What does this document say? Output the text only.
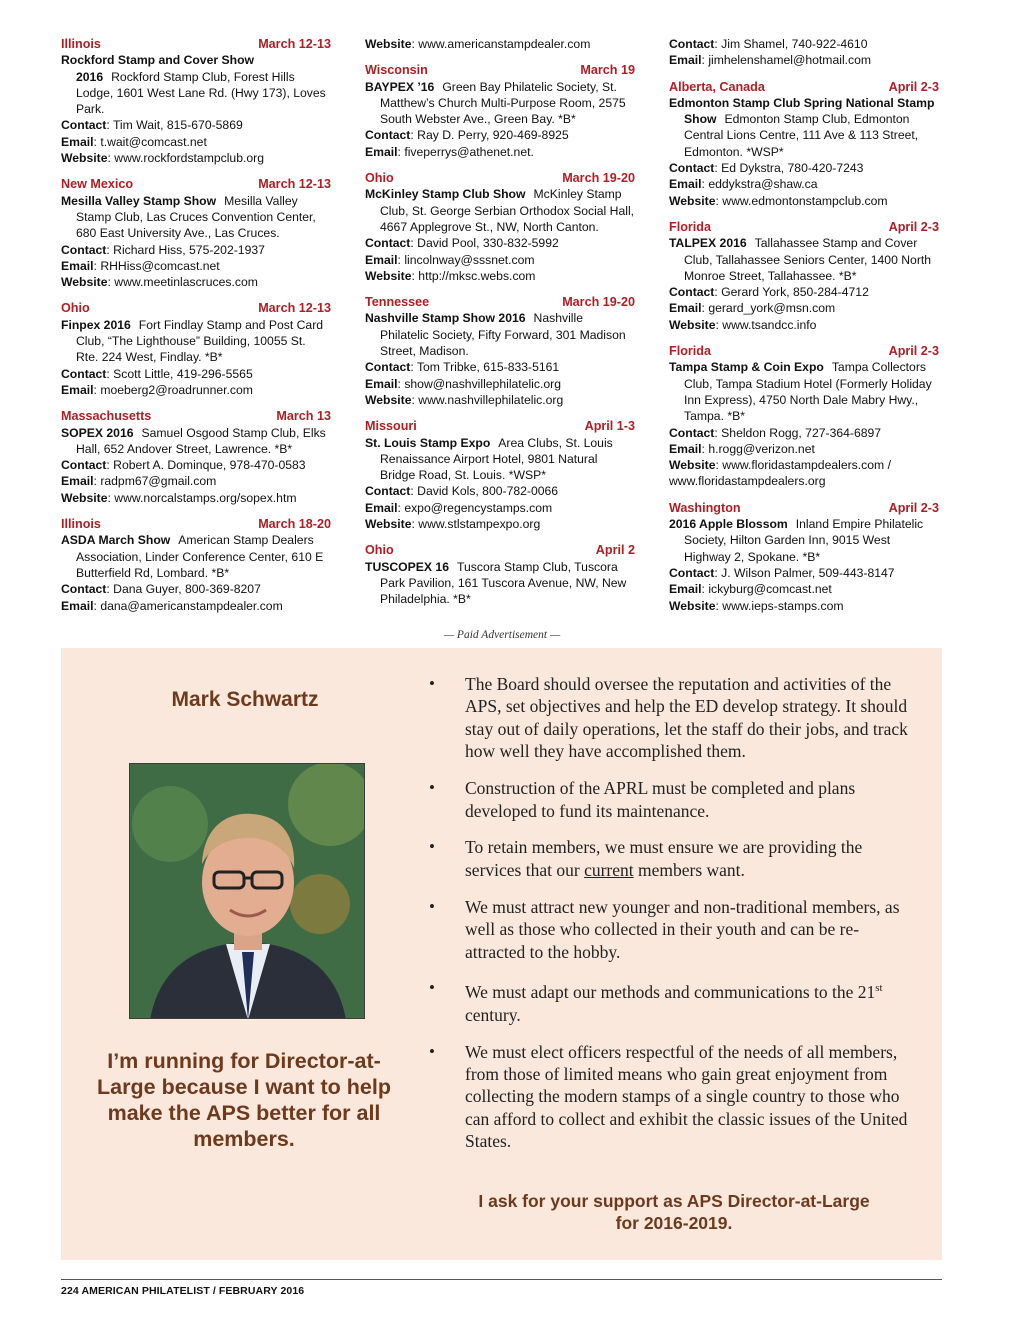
Illinois	March 12-13
Rockford Stamp and Cover Show 2016 Rockford Stamp Club, Forest Hills Lodge, 1601 West Lane Rd. (Hwy 173), Loves Park.
Contact: Tim Wait, 815-670-5869
Email: t.wait@comcast.net
Website: www.rockfordstampclub.org
New Mexico	March 12-13
Mesilla Valley Stamp Show Mesilla Valley Stamp Club, Las Cruces Convention Center, 680 East University Ave., Las Cruces.
Contact: Richard Hiss, 575-202-1937
Email: RHHiss@comcast.net
Website: www.meetinlascruces.com
Ohio	March 12-13
Finpex 2016 Fort Findlay Stamp and Post Card Club, “The Lighthouse” Building, 10055 St. Rte. 224 West, Findlay. *B*
Contact: Scott Little, 419-296-5565
Email: moeberg2@roadrunner.com
Massachusetts	March 13
SOPEX 2016 Samuel Osgood Stamp Club, Elks Hall, 652 Andover Street, Lawrence. *B*
Contact: Robert A. Dominque, 978-470-0583
Email: radpm67@gmail.com
Website: www.norcalstamps.org/sopex.htm
Illinois	March 18-20
ASDA March Show American Stamp Dealers Association, Linder Conference Center, 610 E Butterfield Rd, Lombard. *B*
Contact: Dana Guyer, 800-369-8207
Email: dana@americanstampdealer.com
Website: www.americanstampdealer.com
Wisconsin	March 19
BAYPEX ’16 Green Bay Philatelic Society, St. Matthew’s Church Multi-Purpose Room, 2575 South Webster Ave., Green Bay. *B*
Contact: Ray D. Perry, 920-469-8925
Email: fiveperrys@athenet.net.
Ohio	March 19-20
McKinley Stamp Club Show McKinley Stamp Club, St. George Serbian Orthodox Social Hall, 4667 Applegrove St., NW, North Canton.
Contact: David Pool, 330-832-5992
Email: lincolnway@sssnet.com
Website: http://mksc.webs.com
Tennessee	March 19-20
Nashville Stamp Show 2016 Nashville Philatelic Society, Fifty Forward, 301 Madison Street, Madison.
Contact: Tom Tribke, 615-833-5161
Email: show@nashvillephilatelic.org
Website: www.nashvillephilatelic.org
Missouri	April 1-3
St. Louis Stamp Expo Area Clubs, St. Louis Renaissance Airport Hotel, 9801 Natural Bridge Road, St. Louis. *WSP*
Contact: David Kols, 800-782-0066
Email: expo@regencystamps.com
Website: www.stlstampexpo.org
Ohio	April 2
TUSCOPEX 16 Tuscora Stamp Club, Tuscora Park Pavilion, 161 Tuscora Avenue, NW, New Philadelphia. *B*
Contact: Jim Shamel, 740-922-4610
Email: jimhelenshamel@hotmail.com
Alberta, Canada	April 2-3
Edmonton Stamp Club Spring National Stamp Show Edmonton Stamp Club, Edmonton Central Lions Centre, 111 Ave & 113 Street, Edmonton. *WSP*
Contact: Ed Dykstra, 780-420-7243
Email: eddykstra@shaw.ca
Website: www.edmontonstampclub.com
Florida	April 2-3
TALPEX 2016 Tallahassee Stamp and Cover Club, Tallahassee Seniors Center, 1400 North Monroe Street, Tallahassee. *B*
Contact: Gerard York, 850-284-4712
Email: gerard_york@msn.com
Website: www.tsandcc.info
Florida	April 2-3
Tampa Stamp & Coin Expo Tampa Collectors Club, Tampa Stadium Hotel (Formerly Holiday Inn Express), 4750 North Dale Mabry Hwy., Tampa. *B*
Contact: Sheldon Rogg, 727-364-6897
Email: h.rogg@verizon.net
Website: www.floridastampdealers.com / www.floridastampdealers.org
Washington	April 2-3
2016 Apple Blossom Inland Empire Philatelic Society, Hilton Garden Inn, 9015 West Highway 2, Spokane. *B*
Contact: J. Wilson Palmer, 509-443-8147
Email: ickyburg@comcast.net
Website: www.ieps-stamps.com
— Paid Advertisement —
Mark Schwartz
I’m running for Director-at-Large because I want to help make the APS better for all members.
• The Board should oversee the reputation and activities of the APS, set objectives and help the ED develop strategy. It should stay out of daily operations, let the staff do their jobs, and track how well they have accomplished them.
• Construction of the APRL must be completed and plans developed to fund its maintenance.
• To retain members, we must ensure we are providing the services that our current members want.
• We must attract new younger and non-traditional members, as well as those who collected in their youth and can be re-attracted to the hobby.
• We must adapt our methods and communications to the 21st century.
• We must elect officers respectful of the needs of all members, from those of limited means who gain great enjoyment from collecting the modern stamps of a single country to those who can afford to collect and exhibit the classic issues of the United States.
I ask for your support as APS Director-at-Large
for 2016-2019.
224 AMERICAN PHILATELIST / FEBRUARY 2016
